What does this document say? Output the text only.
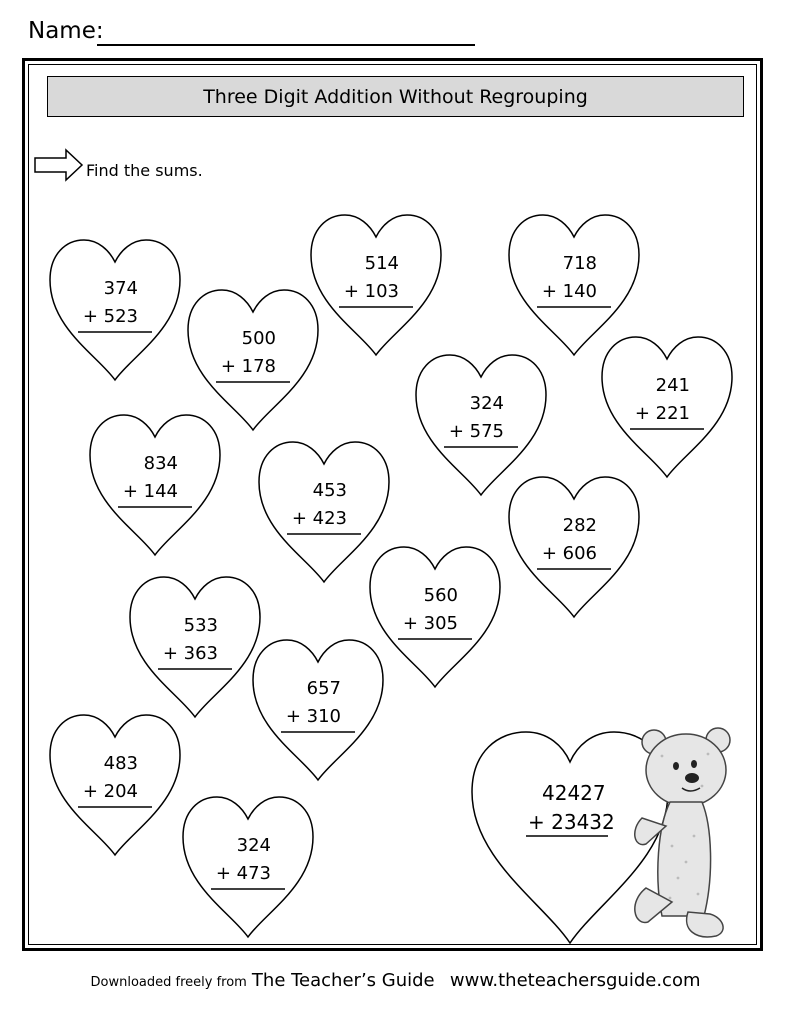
Name:
Three Digit Addition Without Regrouping
Find the sums.
374
+ 523
500
+ 178
514
+ 103
718
+ 140
324
+ 575
241
+ 221
834
+ 144	453
+ 423	282
+ 606
533
+ 363
560
+ 305
657
+ 310
483
+ 204
324
+ 473
42427
+ 23432
Downloaded freely from The Teacher’s Guide www.theteachersguide.com
